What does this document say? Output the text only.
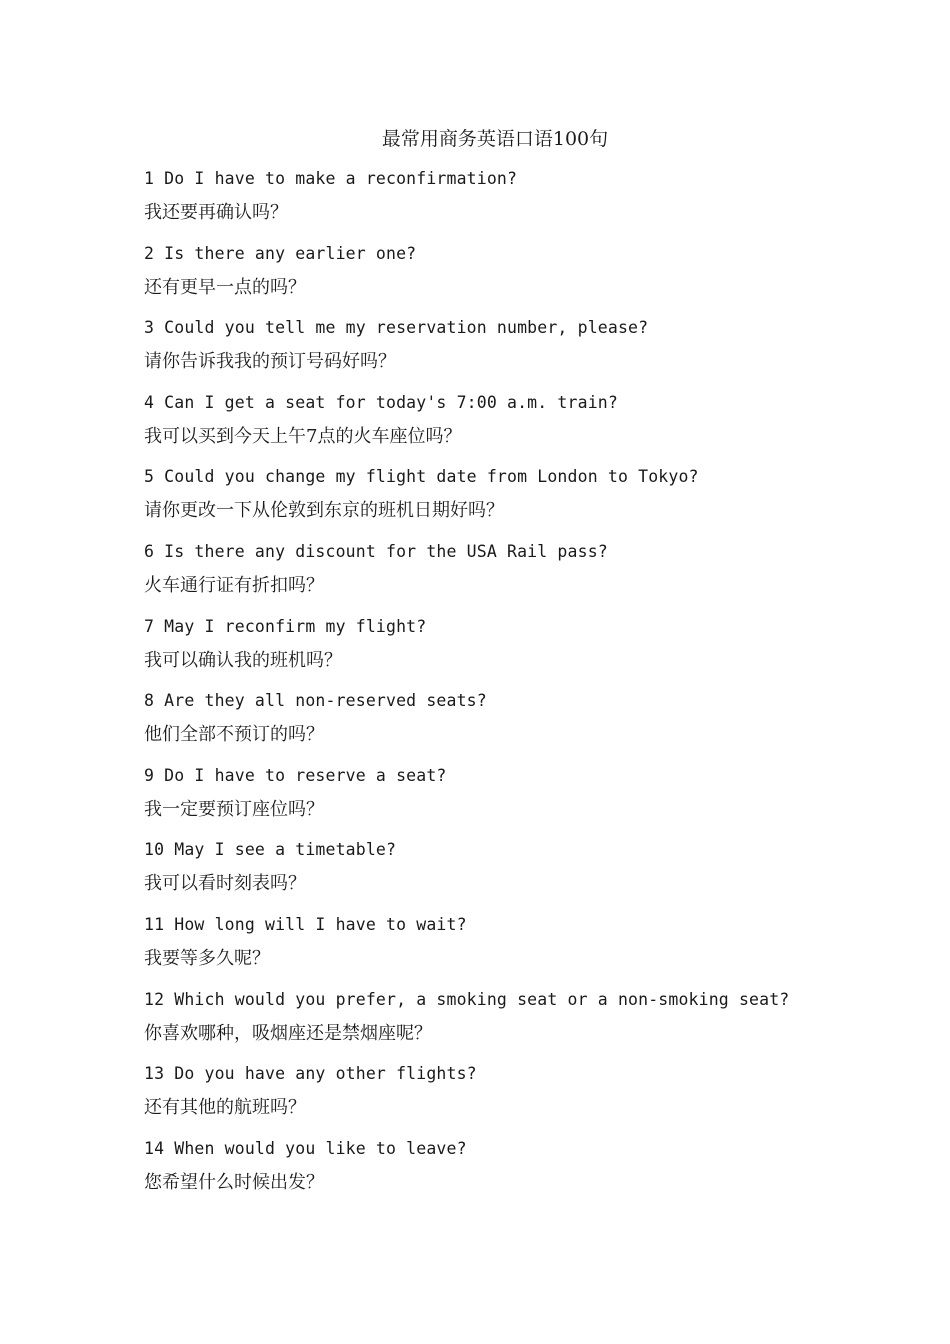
最常用商务英语口语100句
1 Do I have to make a reconfirmation?
我还要再确认吗？
2 Is there any earlier one?
还有更早一点的吗？
3 Could you tell me my reservation number, please?
请你告诉我我的预订号码好吗？
4 Can I get a seat for today's 7:00 a.m. train?
我可以买到今天上午7点的火车座位吗？
5 Could you change my flight date from London to Tokyo?
请你更改一下从伦敦到东京的班机日期好吗？
6 Is there any discount for the USA Rail pass?
火车通行证有折扣吗？
7 May I reconfirm my flight?
我可以确认我的班机吗？
8 Are they all non-reserved seats?
他们全部不预订的吗？
9 Do I have to reserve a seat?
我一定要预订座位吗？
10 May I see a timetable?
我可以看时刻表吗？
11 How long will I have to wait?
我要等多久呢？
12 Which would you prefer, a smoking seat or a non-smoking seat?
你喜欢哪种，吸烟座还是禁烟座呢？
13 Do you have any other flights?
还有其他的航班吗？
14 When would you like to leave?
您希望什么时候出发？
